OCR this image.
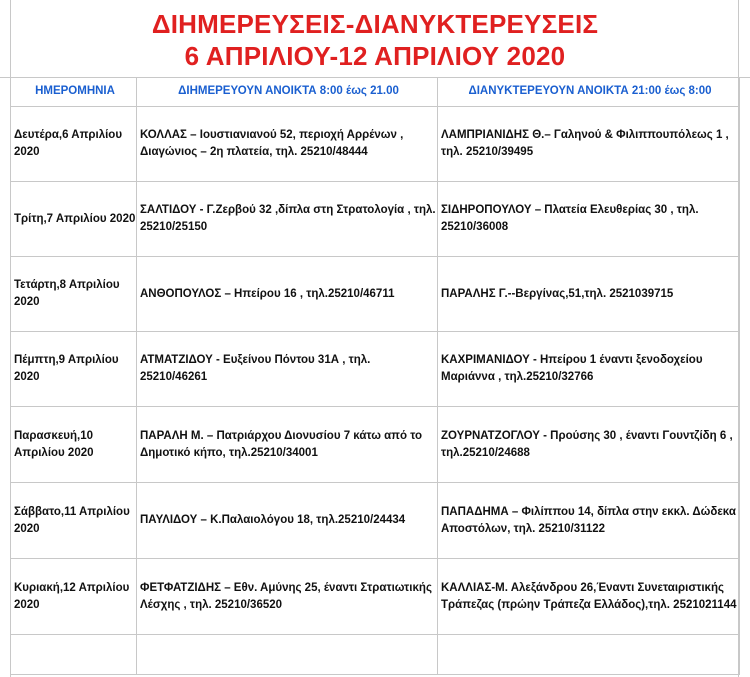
ΔΙΗΜΕΡΕΥΣΕΙΣ-ΔΙΑΝΥΚΤΕΡΕΥΣΕΙΣ
6 ΑΠΡΙΛΙΟΥ-12 ΑΠΡΙΛΙΟΥ 2020
ΗΜΕΡΟΜΗΝΙΑ	ΔΙΗΜΕΡΕΥΟΥΝ ΑΝΟΙΚΤΑ 8:00 έως 21.00	ΔΙΑΝΥΚΤΕΡΕΥΟΥΝ ΑΝΟΙΚΤΑ 21:00 έως 8:00
Δευτέρα,6 Απριλίου 2020	ΚΟΛΛΑΣ – Ιουστιανιανού 52, περιοχή Αρρένων , Διαγώνιος – 2η πλατεία, τηλ. 25210/48444	ΛΑΜΠΡΙΑΝΙΔΗΣ Θ.– Γαληνού & Φιλιππουπόλεως 1 , τηλ. 25210/39495
Τρίτη,7 Απριλίου 2020	ΣΑΛΤΙΔΟΥ - Γ.Ζερβού 32 ,δίπλα στη Στρατολογία , τηλ. 25210/25150	ΣΙΔΗΡΟΠΟΥΛΟΥ – Πλατεία Ελευθερίας 30 , τηλ. 25210/36008
Τετάρτη,8 Απριλίου 2020	ΑΝΘΟΠΟΥΛΟΣ – Ηπείρου 16 , τηλ.25210/46711	ΠΑΡΑΛΗΣ Γ.--Βεργίνας,51,τηλ. 2521039715
Πέμπτη,9 Απριλίου 2020	ΑΤΜΑΤΖΙΔΟΥ - Ευξείνου Πόντου 31Α , τηλ. 25210/46261	ΚΑΧΡΙΜΑΝΙΔΟΥ - Ηπείρου 1 έναντι ξενοδοχείου Μαριάννα , τηλ.25210/32766
Παρασκευή,10 Απριλίου 2020	ΠΑΡΑΛΗ Μ. – Πατριάρχου Διονυσίου 7 κάτω από το Δημοτικό κήπο, τηλ.25210/34001	ΖΟΥΡΝΑΤΖΟΓΛΟΥ - Προύσης 30 , έναντι Γουντζίδη 6 , τηλ.25210/24688
Σάββατο,11 Απριλίου 2020	ΠΑΥΛΙΔΟΥ – Κ.Παλαιολόγου 18, τηλ.25210/24434	ΠΑΠΑΔΗΜΑ – Φιλίππου 14, δίπλα στην εκκλ. Δώδεκα Αποστόλων, τηλ. 25210/31122
Κυριακή,12 Απριλίου 2020	ΦΕΤΦΑΤΖΙΔΗΣ – Εθν. Αμύνης 25, έναντι Στρατιωτικής Λέσχης , τηλ. 25210/36520	ΚΑΛΛΙΑΣ-Μ. Αλεξάνδρου 26,Έναντι Συνεταιριστικής Τράπεζας (πρώην Τράπεζα Ελλάδος),τηλ. 2521021144
